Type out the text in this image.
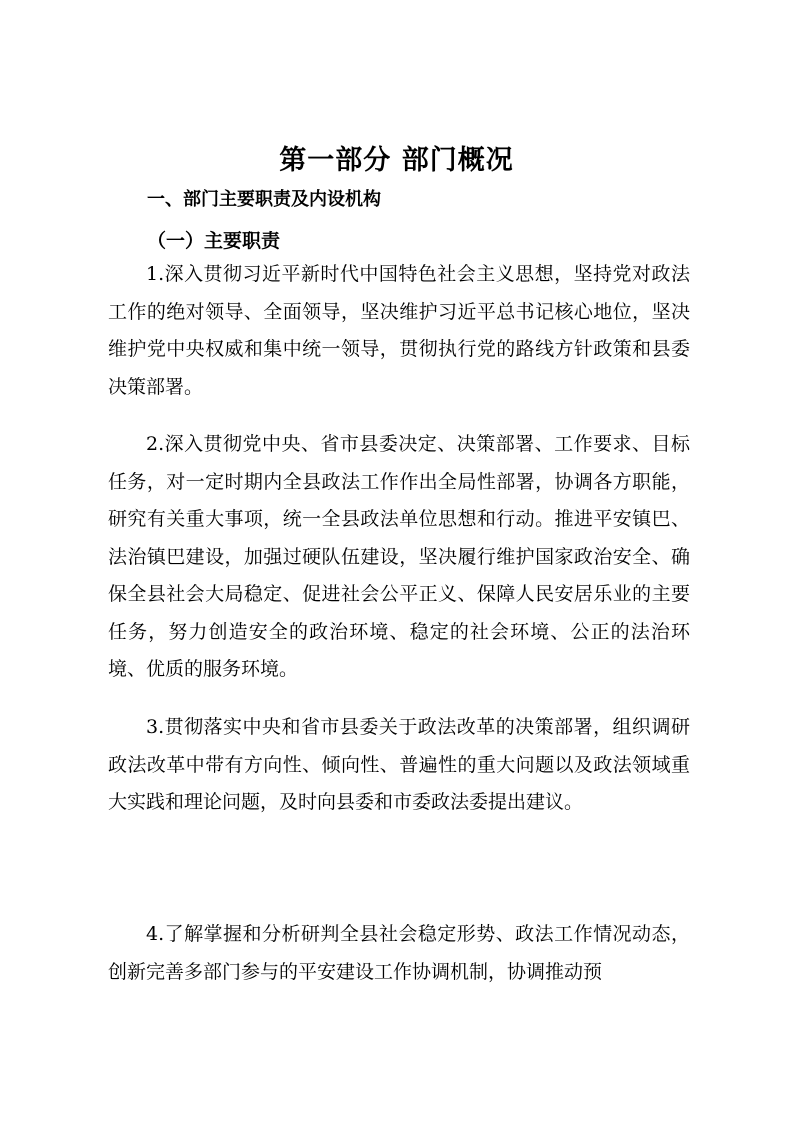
第一部分 部门概况
一、部门主要职责及内设机构
（一）主要职责
1.深入贯彻习近平新时代中国特色社会主义思想，坚持党对政法工作的绝对领导、全面领导，坚决维护习近平总书记核心地位，坚决维护党中央权威和集中统一领导，贯彻执行党的路线方针政策和县委决策部署。
2.深入贯彻党中央、省市县委决定、决策部署、工作要求、目标任务，对一定时期内全县政法工作作出全局性部署，协调各方职能，研究有关重大事项，统一全县政法单位思想和行动。推进平安镇巴、法治镇巴建设，加强过硬队伍建设，坚决履行维护国家政治安全、确保全县社会大局稳定、促进社会公平正义、保障人民安居乐业的主要任务，努力创造安全的政治环境、稳定的社会环境、公正的法治环境、优质的服务环境。
3.贯彻落实中央和省市县委关于政法改革的决策部署，组织调研政法改革中带有方向性、倾向性、普遍性的重大问题以及政法领域重大实践和理论问题，及时向县委和市委政法委提出建议。
4.了解掌握和分析研判全县社会稳定形势、政法工作情况动态，创新完善多部门参与的平安建设工作协调机制，协调推动预
